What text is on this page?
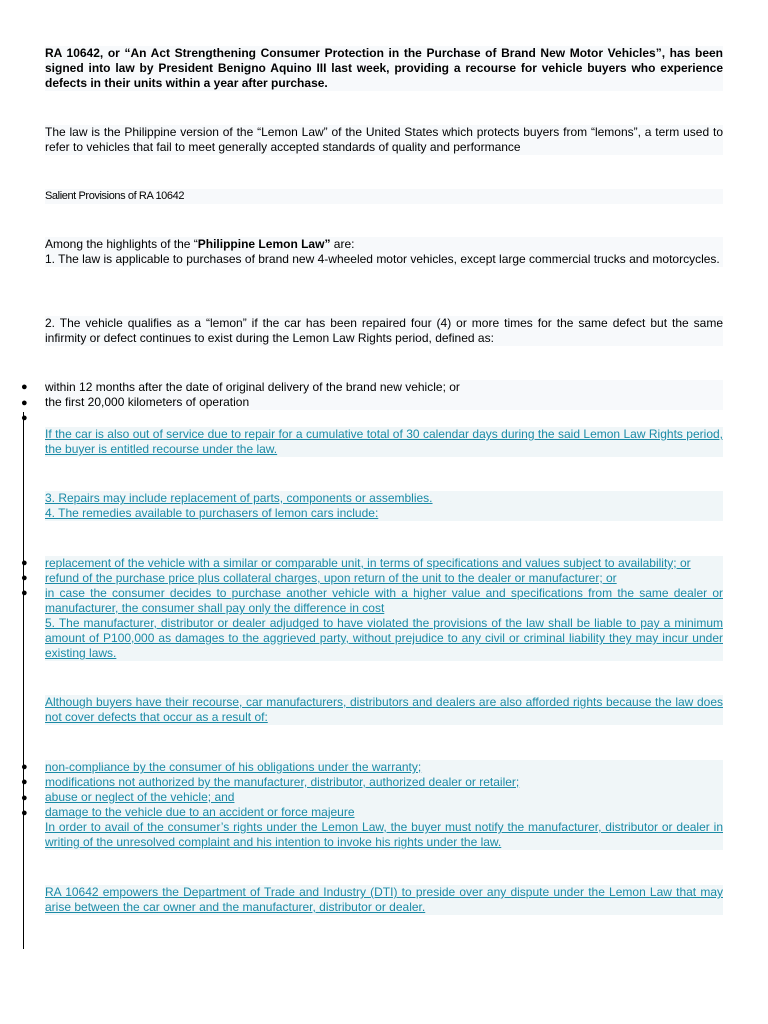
RA 10642, or “An Act Strengthening Consumer Protection in the Purchase of Brand New Motor Vehicles”, has been signed into law by President Benigno Aquino III last week, providing a recourse for vehicle buyers who experience defects in their units within a year after purchase.
The law is the Philippine version of the “Lemon Law” of the United States which protects buyers from “lemons”, a term used to refer to vehicles that fail to meet generally accepted standards of quality and performance
Salient Provisions of RA 10642
Among the highlights of the “Philippine Lemon Law” are:
1. The law is applicable to purchases of brand new 4-wheeled motor vehicles, except large commercial trucks and motorcycles.
2. The vehicle qualifies as a “lemon” if the car has been repaired four (4) or more times for the same defect but the same infirmity or defect continues to exist during the Lemon Law Rights period, defined as:
●
●
●
within 12 months after the date of original delivery of the brand new vehicle; or
the first 20,000 kilometers of operation
If the car is also out of service due to repair for a cumulative total of 30 calendar days during the said Lemon Law Rights period, the buyer is entitled recourse under the law.
3. Repairs may include replacement of parts, components or assemblies.
4. The remedies available to purchasers of lemon cars include:
●
●
●
replacement of the vehicle with a similar or comparable unit, in terms of specifications and values subject to availability; or
refund of the purchase price plus collateral charges, upon return of the unit to the dealer or manufacturer; or
in case the consumer decides to purchase another vehicle with a higher value and specifications from the same dealer or manufacturer, the consumer shall pay only the difference in cost
5. The manufacturer, distributor or dealer adjudged to have violated the provisions of the law shall be liable to pay a minimum amount of P100,000 as damages to the aggrieved party, without prejudice to any civil or criminal liability they may incur under existing laws.
Although buyers have their recourse, car manufacturers, distributors and dealers are also afforded rights because the law does not cover defects that occur as a result of:
●
●
●
●
non-compliance by the consumer of his obligations under the warranty;
modifications not authorized by the manufacturer, distributor, authorized dealer or retailer;
abuse or neglect of the vehicle; and
damage to the vehicle due to an accident or force majeure
In order to avail of the consumer’s rights under the Lemon Law, the buyer must notify the manufacturer, distributor or dealer in writing of the unresolved complaint and his intention to invoke his rights under the law.
RA 10642 empowers the Department of Trade and Industry (DTI) to preside over any dispute under the Lemon Law that may arise between the car owner and the manufacturer, distributor or dealer.
